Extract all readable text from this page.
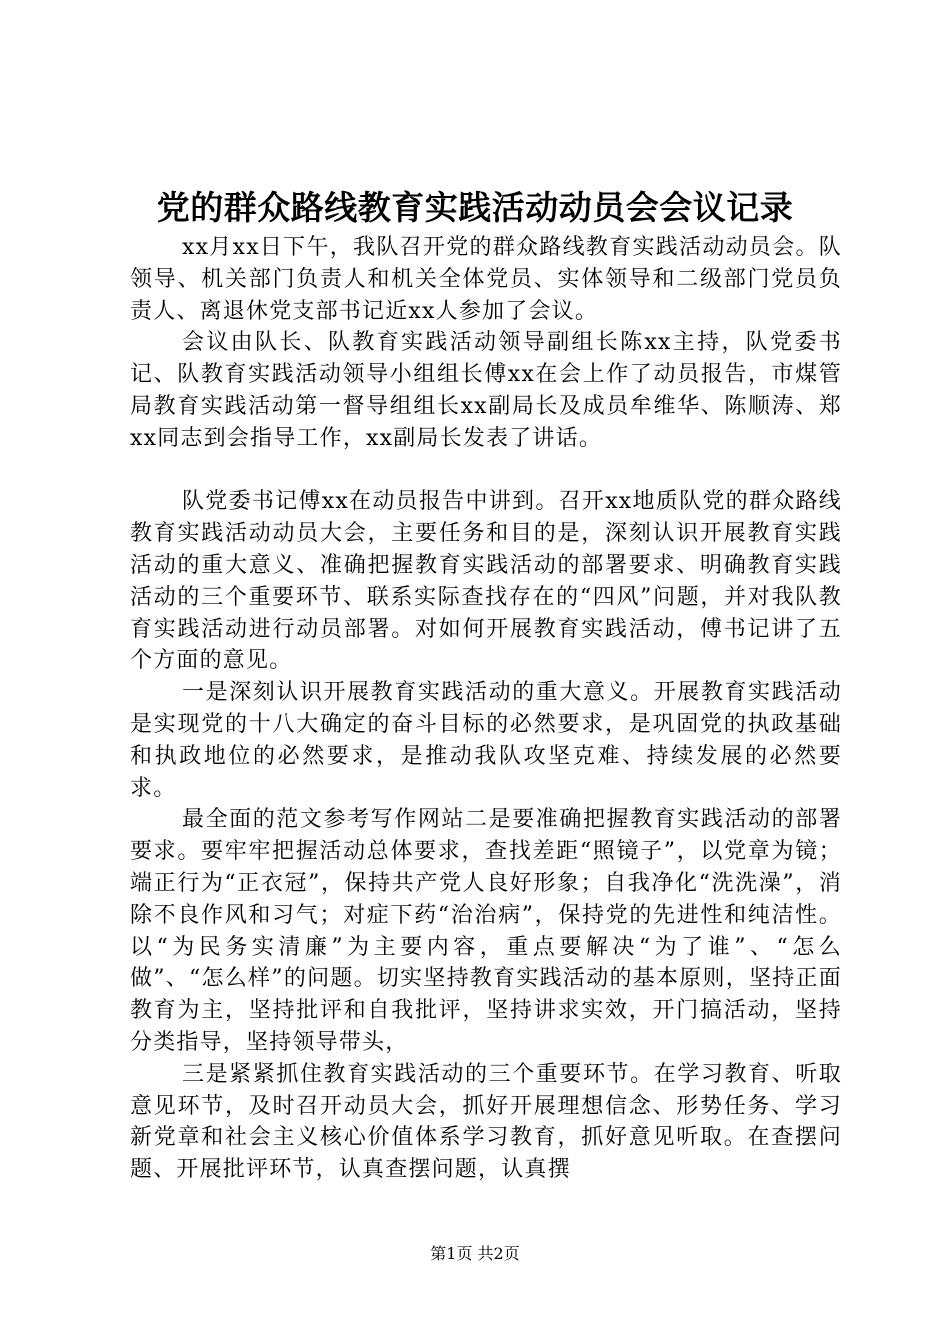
党的群众路线教育实践活动动员会会议记录

xx月xx日下午，我队召开党的群众路线教育实践活动动员会。队领导、机关部门负责人和机关全体党员、实体领导和二级部门党员负责人、离退休党支部书记近xx人参加了会议。

会议由队长、队教育实践活动领导副组长陈xx主持，队党委书记、队教育实践活动领导小组组长傅xx在会上作了动员报告，市煤管局教育实践活动第一督导组组长xx副局长及成员牟维华、陈顺涛、郑xx同志到会指导工作，xx副局长发表了讲话。

队党委书记傅xx在动员报告中讲到。召开xx地质队党的群众路线教育实践活动动员大会，主要任务和目的是，深刻认识开展教育实践活动的重大意义、准确把握教育实践活动的部署要求、明确教育实践活动的三个重要环节、联系实际查找存在的“四风”问题，并对我队教育实践活动进行动员部署。对如何开展教育实践活动，傅书记讲了五个方面的意见。

一是深刻认识开展教育实践活动的重大意义。开展教育实践活动是实现党的十八大确定的奋斗目标的必然要求，是巩固党的执政基础和执政地位的必然要求，是推动我队攻坚克难、持续发展的必然要求。

最全面的范文参考写作网站二是要准确把握教育实践活动的部署要求。要牢牢把握活动总体要求，查找差距“照镜子”，以党章为镜；端正行为“正衣冠”，保持共产党人良好形象；自我净化“洗洗澡”，消除不良作风和习气；对症下药“治治病”，保持党的先进性和纯洁性。以“为民务实清廉”为主要内容，重点要解决“为了谁”、“怎么做”、“怎么样”的问题。切实坚持教育实践活动的基本原则，坚持正面教育为主，坚持批评和自我批评，坚持讲求实效，开门搞活动，坚持分类指导，坚持领导带头，

三是紧紧抓住教育实践活动的三个重要环节。在学习教育、听取意见环节，及时召开动员大会，抓好开展理想信念、形势任务、学习新党章和社会主义核心价值体系学习教育，抓好意见听取。在查摆问题、开展批评环节，认真查摆问题，认真撰

第1页 共2页
